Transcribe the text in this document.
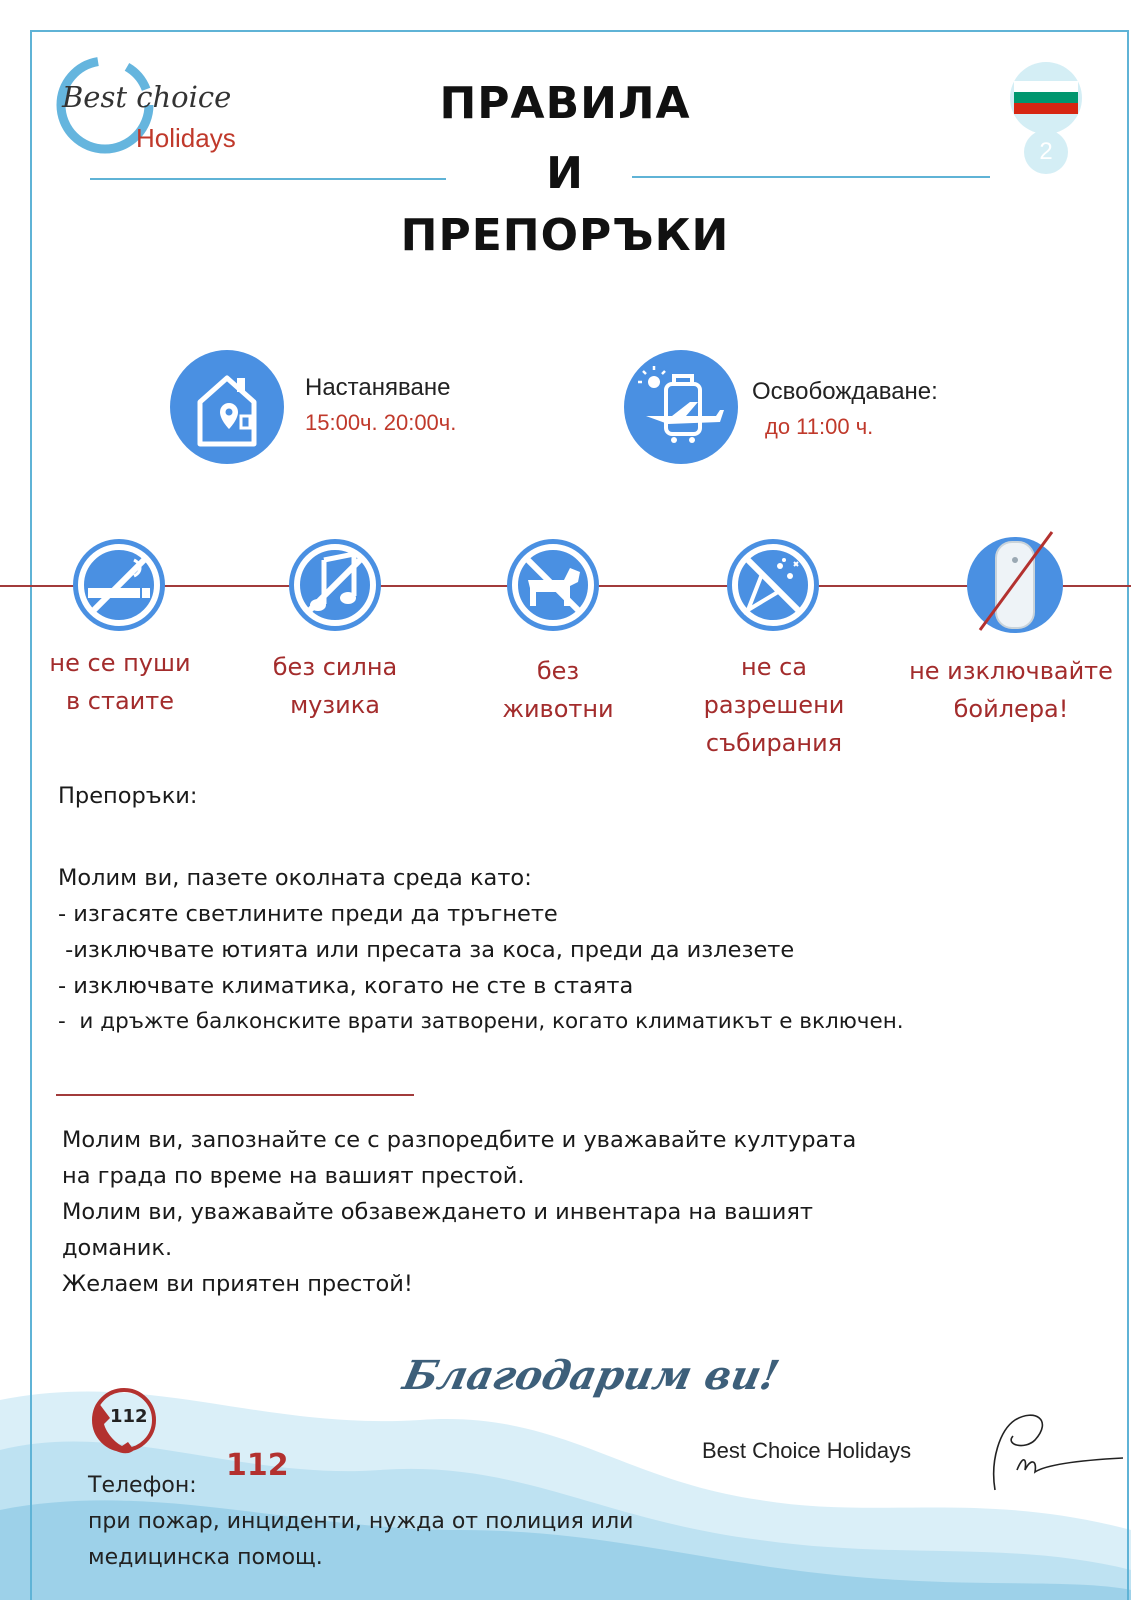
Best choice
Holidays	2
ПРАВИЛА
И
ПРЕПОРЪКИ
Настаняване
15:00ч. 20:00ч.
Освобождаване:
до 11:00 ч.
не се пуши
в стаите
без силна
музика
без
животни
не са
разрешени
събирания
не изключвайте
бойлера!
Препоръки:
Молим ви, пазете околната среда като:
- изгасяте светлините преди да тръгнете
-изключвате ютията или пресата за коса, преди да излезете
- изключвате климатика, когато не сте в стаята
-  и дръжте балконските врати затворени, когато климатикът е включен.
Молим ви, запознайте се с разпоредбите и уважавайте културата
на града по време на вашият престой.
Молим ви, уважавайте обзавеждането и инвентара на вашият
доманик.
Желаем ви приятен престой!
Благодарим ви!
Best Choice Holidays
112
Телефон:
112
при пожар, инциденти, нужда от полиция или
медицинска помощ.
